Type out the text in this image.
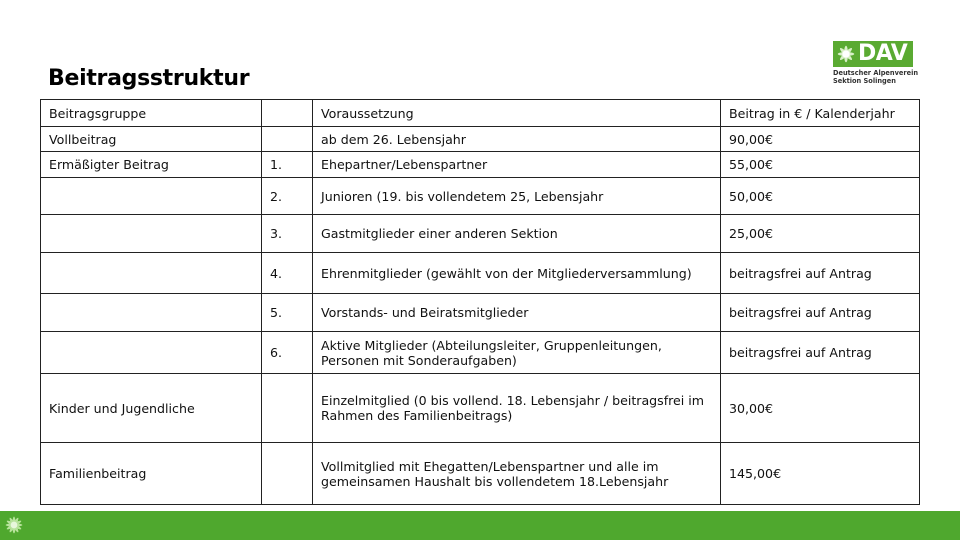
Beitragsstruktur
DAV
Deutscher Alpenverein
Sektion Solingen
Beitragsgruppe		Voraussetzung	Beitrag in € / Kalenderjahr
Vollbeitrag		ab dem 26. Lebensjahr	90,00€
Ermäßigter Beitrag	1.	Ehepartner/Lebenspartner	55,00€
	2.	Junioren (19. bis vollendetem 25, Lebensjahr	50,00€
	3.	Gastmitglieder einer anderen Sektion	25,00€
	4.	Ehrenmitglieder (gewählt von der Mitgliederversammlung)	beitragsfrei auf Antrag
	5.	Vorstands- und Beiratsmitglieder	beitragsfrei auf Antrag
	6.	Aktive Mitglieder (Abteilungsleiter, Gruppenleitungen, Personen mit Sonderaufgaben)	beitragsfrei auf Antrag
Kinder und Jugendliche		Einzelmitglied (0 bis vollend. 18. Lebensjahr / beitragsfrei im Rahmen des Familienbeitrags)	30,00€
Familienbeitrag		Vollmitglied mit Ehegatten/Lebenspartner und alle im gemeinsamen Haushalt bis vollendetem 18.Lebensjahr	145,00€
